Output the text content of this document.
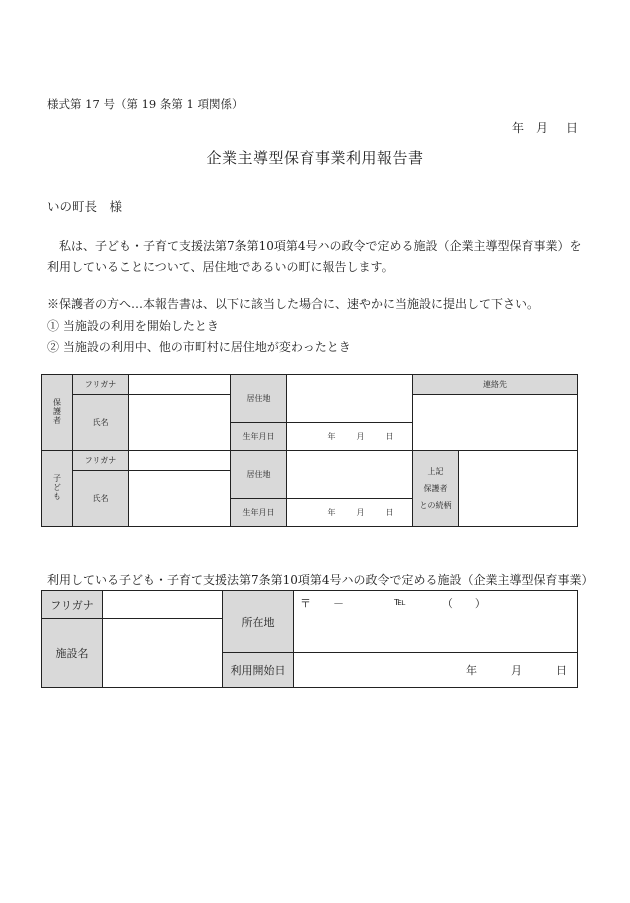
様式第 17 号（第 19 条第 1 項関係）
年 月 日
企業主導型保育事業利用報告書
いの町長　様
　私は、子ども・子育て支援法第7条第10項第4号ハの政令で定める施設（企業主導型保育事業）を利用していることについて、居住地であるいの町に報告します。
※保護者の方へ…本報告書は、以下に該当した場合に、速やかに当施設に提出して下さい。
① 当施設の利用を開始したとき
② 当施設の利用中、他の市町村に居住地が変わったとき
保護者	フリガナ		居住地		連絡先	
	氏名					

			生年月日	年 月 日		

子ども	フリガナ		居住地		上記
保護者
との続柄	

	氏名					

			生年月日	年 月 日		
利用している子ども・子育て支援法第7条第10項第4号ハの政令で定める施設（企業主導型保育事業）
フリガナ		所在地	〒 － ℡ （ ）

施設名			
		利用開始日	年 月 日
